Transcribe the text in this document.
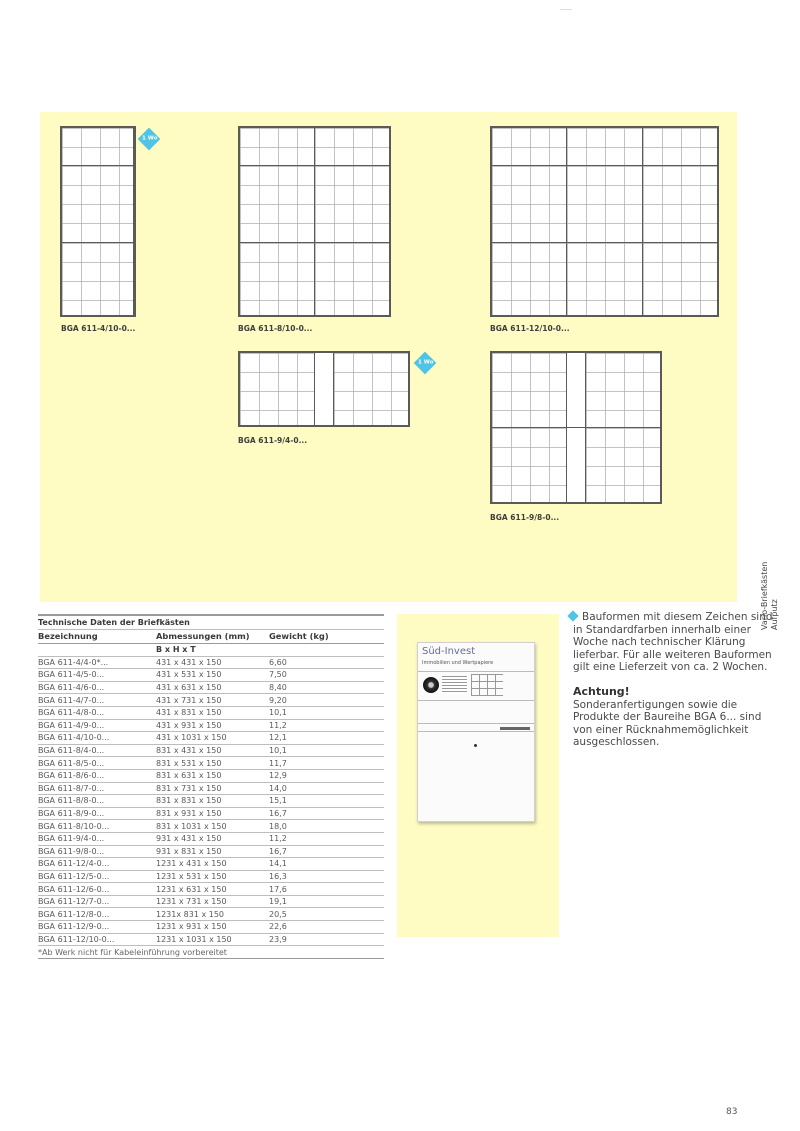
1 Wo
BGA 611-4/10-0...	BGA 611-8/10-0...	BGA 611-12/10-0...
1 Wo
BGA 611-9/4-0...
BGA 611-9/8-0...
Vario-Briefkästen Aufputz
Technische Daten der Briefkästen		
Bezeichnung	Abmessungen (mm)	Gewicht (kg)
	B x H x T	
BGA 611-4/4-0*...	431 x 431 x 150	6,60
BGA 611-4/5-0...	431 x 531 x 150	7,50
BGA 611-4/6-0...	431 x 631 x 150	8,40
BGA 611-4/7-0...	431 x 731 x 150	9,20
BGA 611-4/8-0...	431 x 831 x 150	10,1
BGA 611-4/9-0...	431 x 931 x 150	11,2
BGA 611-4/10-0...	431 x 1031 x 150	12,1
BGA 611-8/4-0...	831 x 431 x 150	10,1
BGA 611-8/5-0...	831 x 531 x 150	11,7
BGA 611-8/6-0...	831 x 631 x 150	12,9
BGA 611-8/7-0...	831 x 731 x 150	14,0
BGA 611-8/8-0...	831 x 831 x 150	15,1
BGA 611-8/9-0...	831 x 931 x 150	16,7
BGA 611-8/10-0...	831 x 1031 x 150	18,0
BGA 611-9/4-0...	931 x 431 x 150	11,2
BGA 611-9/8-0...	931 x 831 x 150	16,7
BGA 611-12/4-0...	1231 x 431 x 150	14,1
BGA 611-12/5-0...	1231 x 531 x 150	16,3
BGA 611-12/6-0...	1231 x 631 x 150	17,6
BGA 611-12/7-0...	1231 x 731 x 150	19,1
BGA 611-12/8-0...	1231x 831 x 150	20,5
BGA 611-12/9-0...	1231 x 931 x 150	22,6
BGA 611-12/10-0...	1231 x 1031 x 150	23,9
*Ab Werk nicht für Kabeleinführung vorbereitet		
Süd-Invest
Immobilien und Wertpapiere

Bauformen mit diesem Zeichen sind in Standardfarben innerhalb einer Woche nach technischer Klärung lieferbar. Für alle weiteren Bauformen gilt eine Lieferzeit von ca. 2 Wochen.

Achtung!

Sonderanfertigungen sowie die Produkte der Baureihe BGA 6... sind von einer Rücknahmemöglichkeit ausgeschlossen.

83
